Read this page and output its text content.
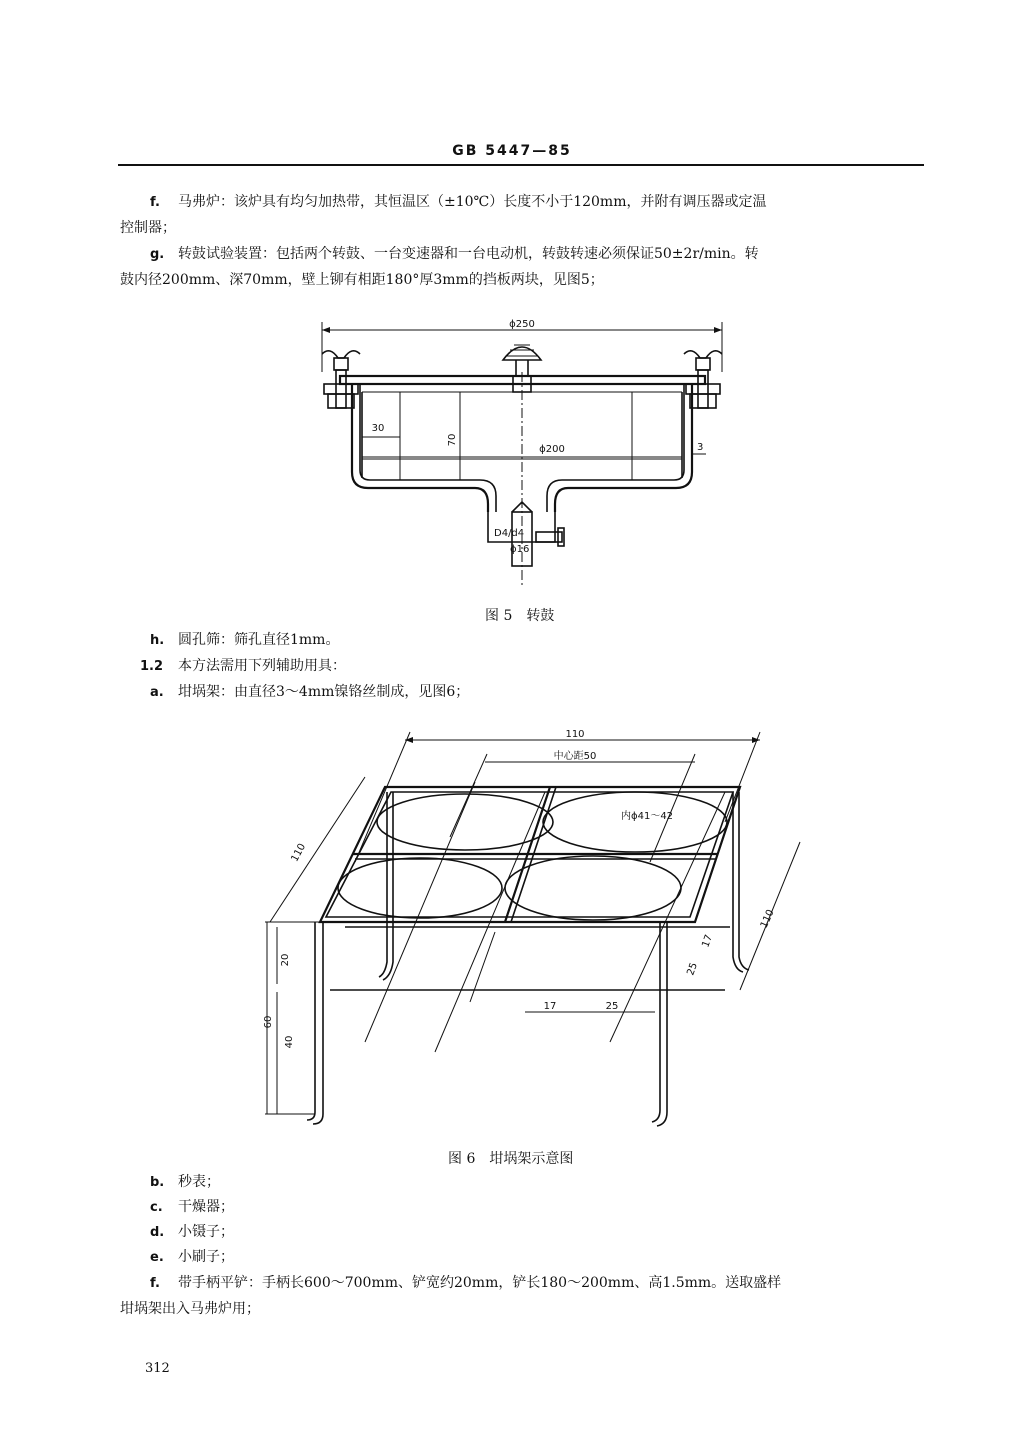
GB 5447—85
f. 马弗炉：该炉具有均匀加热带，其恒温区（±10℃）长度不小于120mm，并附有调压器或定温
控制器；
g. 转鼓试验装置：包括两个转鼓、一台变速器和一台电动机，转鼓转速必须保证50±2r/min。转
鼓内径200mm、深70mm，壁上铆有相距180°厚3mm的挡板两块，见图5；
ϕ250
30
70
ϕ200	3
D4/d4
ϕ16
图 5　转鼓
h. 圆孔筛：筛孔直径1mm。
1.2 本方法需用下列辅助用具：
a. 坩埚架：由直径3～4mm镍铬丝制成，见图6；
110
中心距50
内ϕ41～42
110
110
17
25
17	25
20
60
40
图 6　坩埚架示意图
b. 秒表；
c. 干燥器；
d. 小镊子；
e. 小刷子；
f. 带手柄平铲：手柄长600～700mm、铲宽约20mm，铲长180～200mm、高1.5mm。送取盛样
坩埚架出入马弗炉用；
312
